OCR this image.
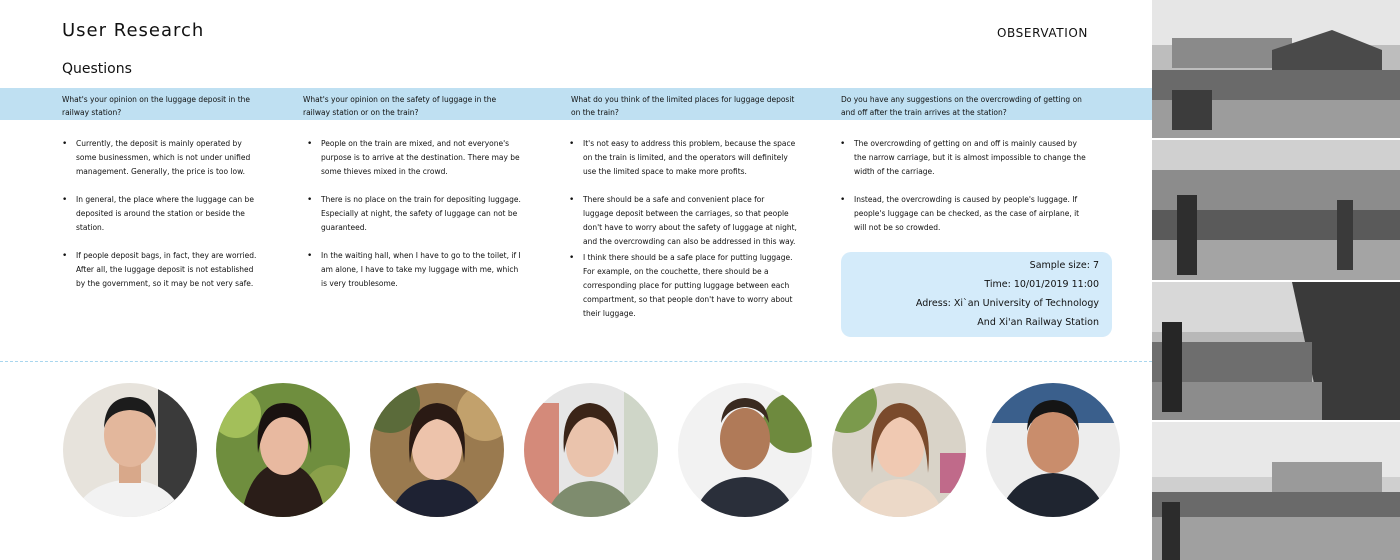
User Research
Questions
OBSERVATION
What's your opinion on the luggage deposit in the railway station?
What's your opinion on the safety of luggage in the railway station or on the train?
What do you think of the limited places for luggage deposit on the train?
Do you have any suggestions on the overcrowding of getting on and off after the train arrives at the station?
• Currently, the deposit is mainly operated by some businessmen, which is not under unified management. Generally, the price is too low.
• In general, the place where the luggage can be deposited is around the station or beside the station.
• If people deposit bags, in fact, they are worried. After all, the luggage deposit is not established by the government, so it may be not very safe.
• People on the train are mixed, and not everyone's purpose is to arrive at the destination. There may be some thieves mixed in the crowd.
• There is no place on the train for depositing luggage. Especially at night, the safety of luggage can not be guaranteed.
• In the waiting hall, when I have to go to the toilet, if I am alone, I have to take my luggage with me, which is very troublesome.
• It's not easy to address this problem, because the space on the train is limited, and the operators will definitely use the limited space to make more profits.
• There should be a safe and convenient place for luggage deposit between the carriages, so that people don't have to worry about the safety of luggage at night, and the overcrowding can also be addressed in this way.
• I think there should be a safe place for putting luggage. For example, on the couchette, there should be a corresponding place for putting luggage between each compartment, so that people don't have to worry about their luggage.
• The overcrowding of getting on and off is mainly caused by the narrow carriage, but it is almost impossible to change the width of the carriage.
• Instead, the overcrowding is caused by people's luggage. If people's luggage can be checked, as the case of airplane, it will not be so crowded.
Sample size: 7
Time: 10/01/2019 11:00
Adress: Xi`an University of Technology
And Xi'an Railway Station
